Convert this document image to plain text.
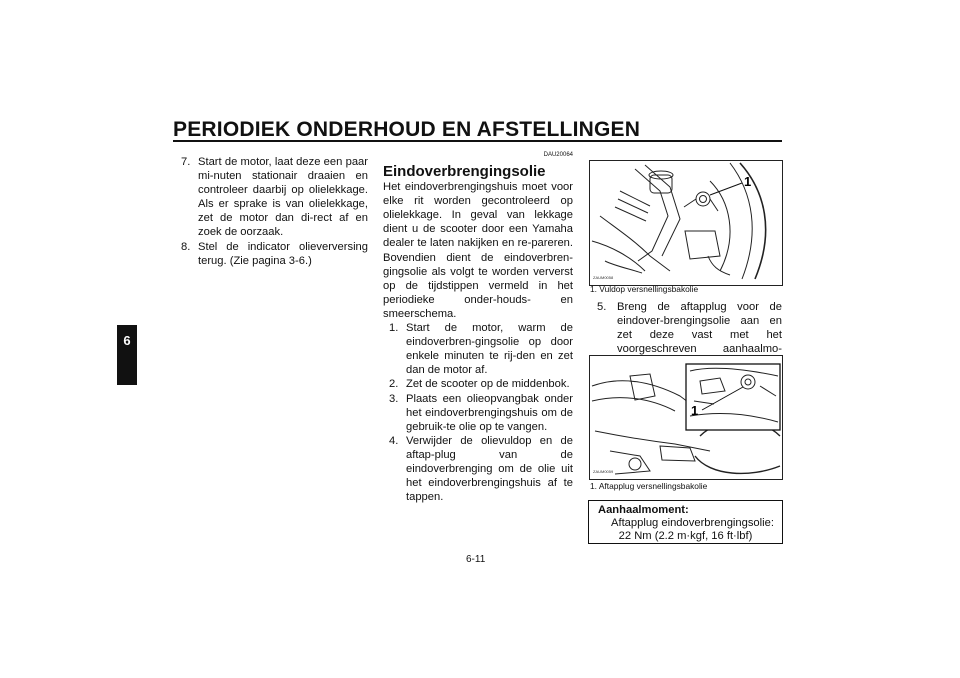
PERIODIEK ONDERHOUD EN AFSTELLINGEN
6
7. Start de motor, laat deze een paar mi-nuten stationair draaien en controleer daarbij op olielekkage. Als er sprake is van olielekkage, zet de motor dan di-rect af en zoek de oorzaak.
8. Stel de indicator olieverversing terug. (Zie pagina 3-6.)
DAU20064
Eindoverbrengingsolie
Het eindoverbrengingshuis moet voor elke rit worden gecontroleerd op olielekkage. In geval van lekkage dient u de scooter door een Yamaha dealer te laten nakijken en re-pareren. Bovendien dient de eindoverbren-gingsolie als volgt te worden ververst op de tijdstippen vermeld in het periodieke onder-houds- en smeerschema.
1. Start de motor, warm de eindoverbren-gingsolie op door enkele minuten te rij-den en zet dan de motor af.
2. Zet de scooter op de middenbok.
3. Plaats een olieopvangbak onder het eindoverbrengingshuis om de gebruik-te olie op te vangen.
4. Verwijder de olievuldop en de aftap-plug van de eindoverbrenging om de olie uit het eindoverbrengingshuis af te tappen.
1
ZAUM0058
1. Vuldop versnellingsbakolie
5. Breng de aftapplug voor de eindover-brengingsolie aan en zet deze vast met het voorgeschreven aanhaalmo-
1
ZAUM0059
1. Aftapplug versnellingsbakolie
Aanhaalmoment:
Aftapplug eindoverbrengingsolie:
22 Nm (2.2 m·kgf, 16 ft·lbf)
6-11
